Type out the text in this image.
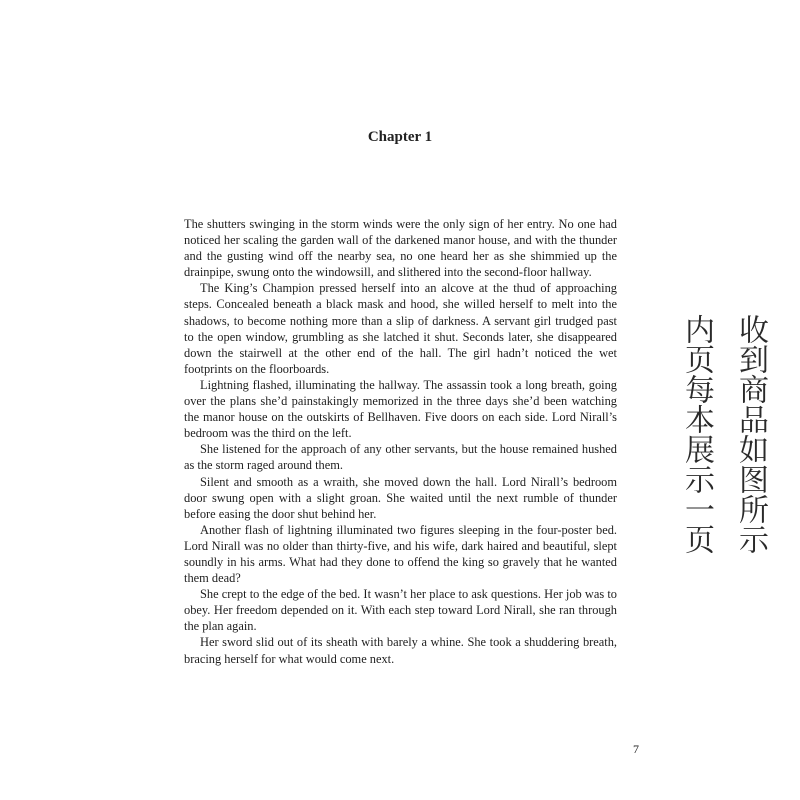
Chapter 1

The shutters swinging in the storm winds were the only sign of her entry. No one had noticed her scaling the garden wall of the darkened manor house, and with the thunder and the gusting wind off the nearby sea, no one heard her as she shimmied up the drainpipe, swung onto the windowsill, and slithered into the second-floor hallway.

The King’s Champion pressed herself into an alcove at the thud of approaching steps. Concealed beneath a black mask and hood, she willed herself to melt into the shadows, to become nothing more than a slip of darkness. A servant girl trudged past to the open window, grumbling as she latched it shut. Seconds later, she disappeared down the stairwell at the other end of the hall. The girl hadn’t noticed the wet footprints on the floorboards.

Lightning flashed, illuminating the hallway. The assassin took a long breath, going over the plans she’d painstakingly memorized in the three days she’d been watching the manor house on the outskirts of Bellhaven. Five doors on each side. Lord Nirall’s bedroom was the third on the left.

She listened for the approach of any other servants, but the house remained hushed as the storm raged around them.

Silent and smooth as a wraith, she moved down the hall. Lord Nirall’s bedroom door swung open with a slight groan. She waited until the next rumble of thunder before easing the door shut behind her.

Another flash of lightning illuminated two figures sleeping in the four-poster bed. Lord Nirall was no older than thirty-five, and his wife, dark haired and beautiful, slept soundly in his arms. What had they done to offend the king so gravely that he wanted them dead?

She crept to the edge of the bed. It wasn’t her place to ask questions. Her job was to obey. Her freedom depended on it. With each step toward Lord Nirall, she ran through the plan again.

Her sword slid out of its sheath with barely a whine. She took a shuddering breath, bracing herself for what would come next.

7
收到商品如图所示
内页每本展示一页
